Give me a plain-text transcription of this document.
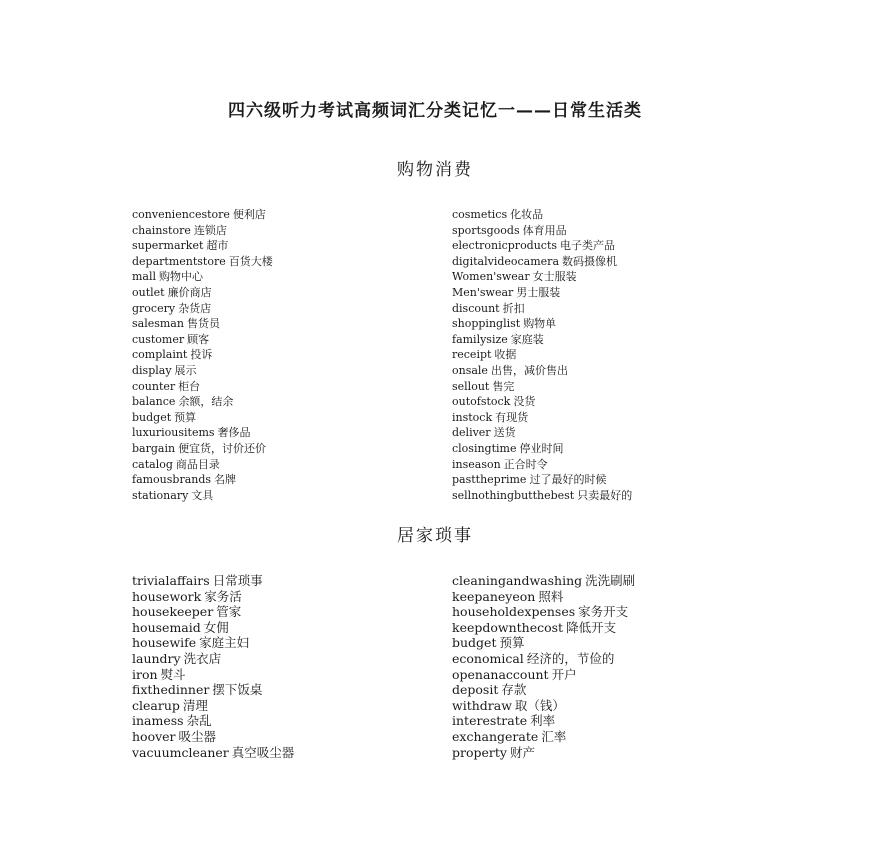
四六级听力考试高频词汇分类记忆一——日常生活类
购物消费
conveniencestore 便利店
chainstore 连锁店
supermarket 超市
departmentstore 百货大楼
mall 购物中心
outlet 廉价商店
grocery 杂货店
salesman 售货员
customer 顾客
complaint 投诉
display 展示
counter 柜台
balance 余额，结余
budget 预算
luxuriousitems 奢侈品
bargain 便宜货，讨价还价
catalog 商品目录
famousbrands 名牌
stationary 文具
cosmetics 化妆品
sportsgoods 体育用品
electronicproducts 电子类产品
digitalvideocamera 数码摄像机
Women'swear 女士服装
Men'swear 男士服装
discount 折扣
shoppinglist 购物单
familysize 家庭装
receipt 收据
onsale 出售，减价售出
sellout 售完
outofstock 没货
instock 有现货
deliver 送货
closingtime 停业时间
inseason 正合时令
pasttheprime 过了最好的时候
sellnothingbutthebest 只卖最好的
居家琐事
trivialaffairs 日常琐事
housework 家务活
housekeeper 管家
housemaid 女佣
housewife 家庭主妇
laundry 洗衣店
iron 熨斗
fixthedinner 摆下饭桌
clearup 清理
inamess 杂乱
hoover 吸尘器
vacuumcleaner 真空吸尘器
cleaningandwashing 洗洗刷刷
keepaneyeon 照料
householdexpenses 家务开支
keepdownthecost 降低开支
budget 预算
economical 经济的，节俭的
openanaccount 开户
deposit 存款
withdraw 取（钱）
interestrate 利率
exchangerate 汇率
property 财产
